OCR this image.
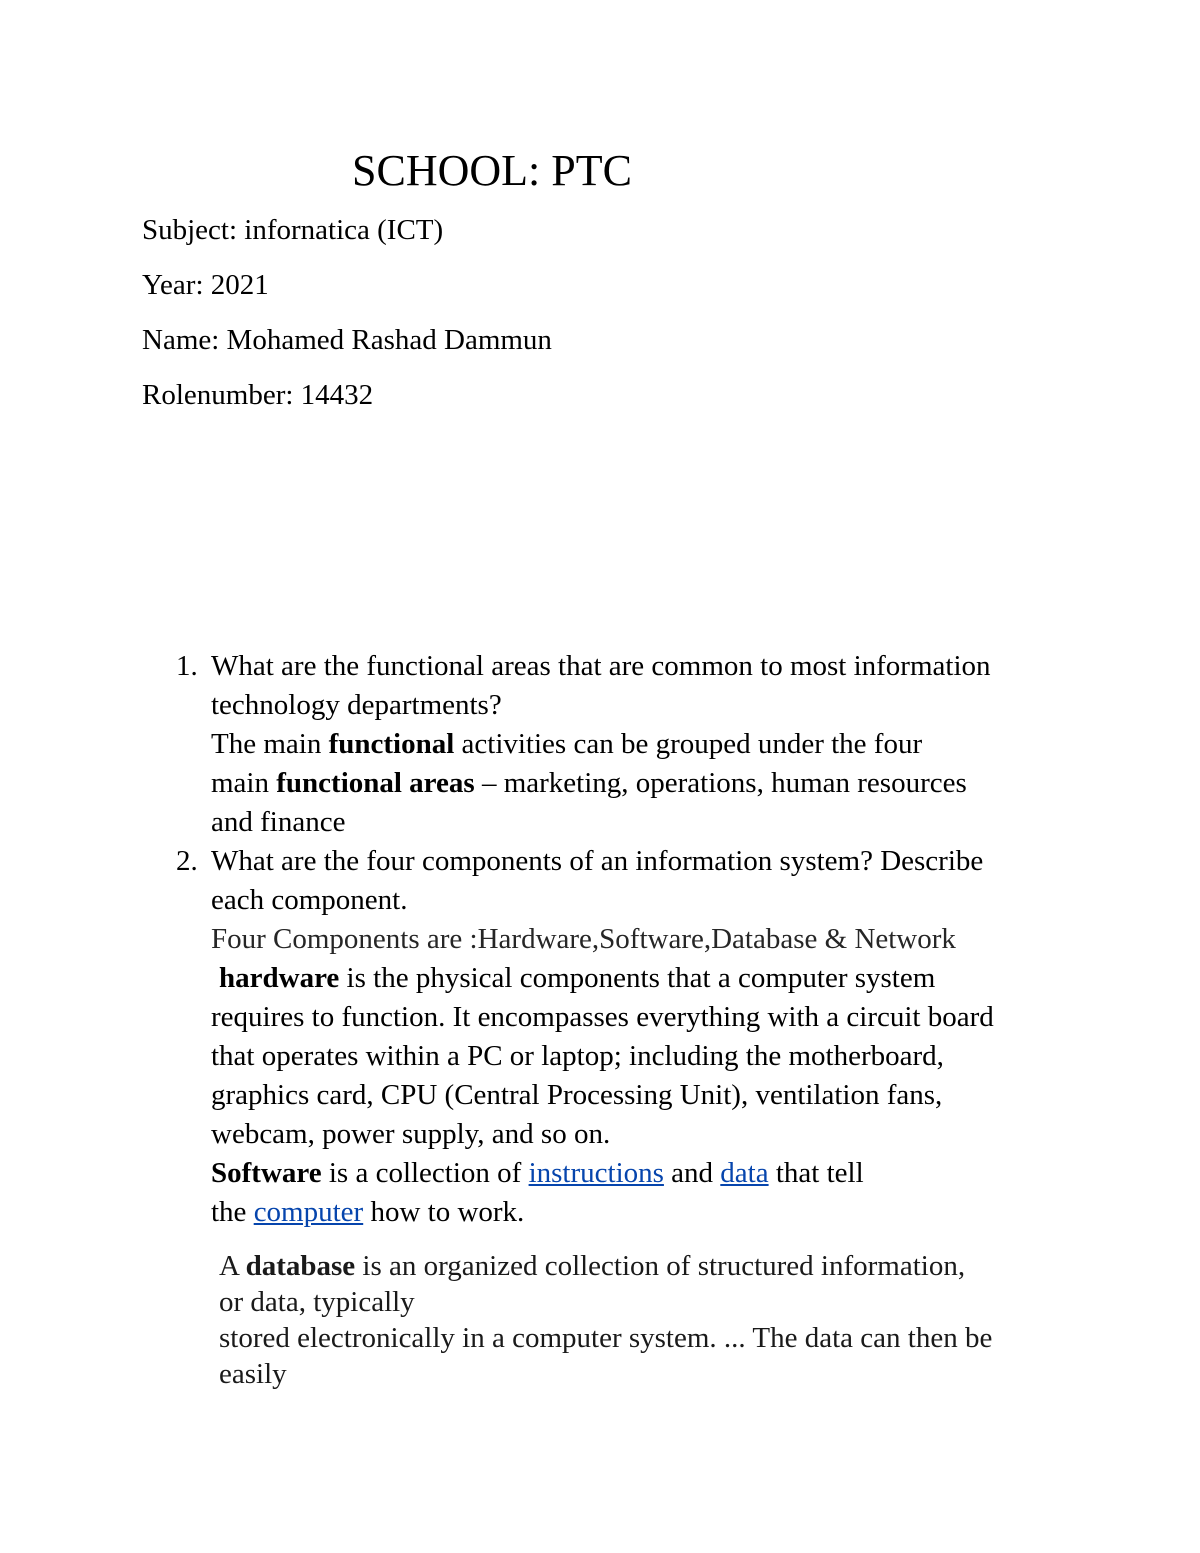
SCHOOL: PTC
Subject: infornatica (ICT)
Year: 2021
Name: Mohamed Rashad Dammun
Rolenumber: 14432
1. What are the functional areas that are common to most information
technology departments?
The main functional activities can be grouped under the four
main functional areas – marketing, operations, human resources
and finance
2. What are the four components of an information system? Describe
each component.
Four Components are :Hardware,Software,Database & Network
hardware is the physical components that a computer system
requires to function. It encompasses everything with a circuit board
that operates within a PC or laptop; including the motherboard,
graphics card, CPU (Central Processing Unit), ventilation fans,
webcam, power supply, and so on.
Software is a collection of instructions and data that tell
the computer how to work.
A database is an organized collection of structured information,
or data, typically
stored electronically in a computer system. ... The data can then be
easily
